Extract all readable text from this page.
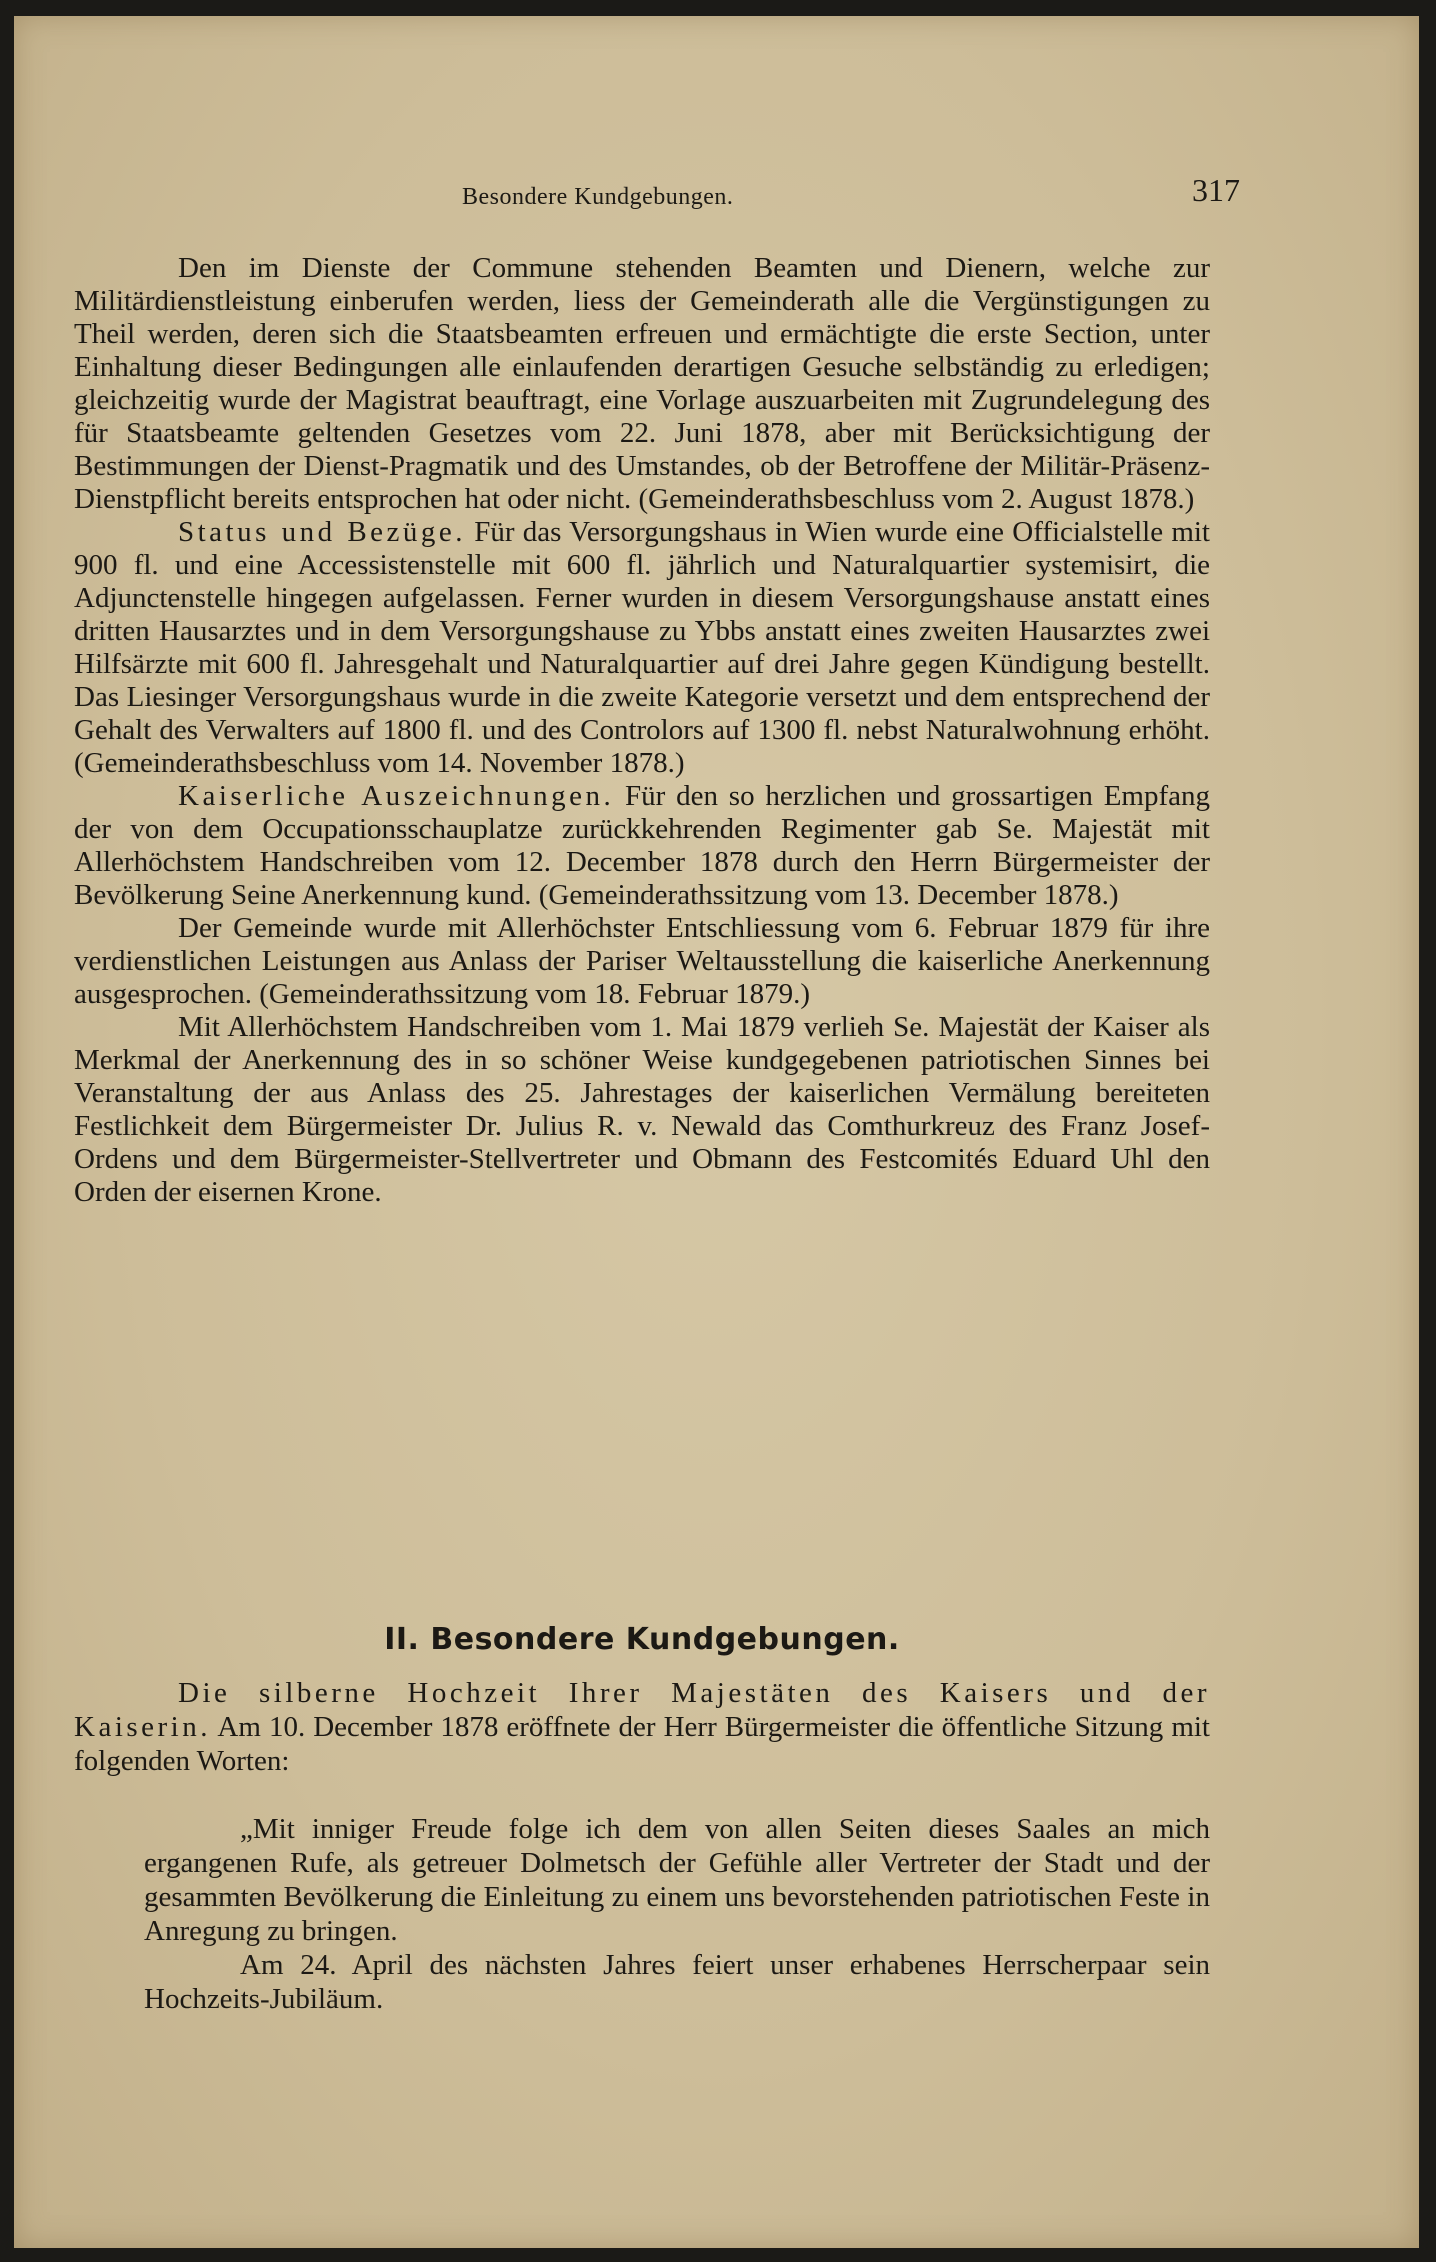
Besondere Kundgebungen.	317

Den im Dienste der Commune stehenden Beamten und Dienern, welche zur Militärdienstleistung einberufen werden, liess der Gemeinderath alle die Vergünstigungen zu Theil werden, deren sich die Staatsbeamten erfreuen und ermächtigte die erste Section, unter Einhaltung dieser Bedingungen alle einlaufenden derartigen Gesuche selbständig zu erledigen; gleichzeitig wurde der Magistrat beauftragt, eine Vorlage auszuarbeiten mit Zugrundelegung des für Staatsbeamte geltenden Gesetzes vom 22. Juni 1878, aber mit Berücksichtigung der Bestimmungen der Dienst-Pragmatik und des Umstandes, ob der Betroffene der Militär-Präsenz-Dienstpflicht bereits entsprochen hat oder nicht. (Gemeinderathsbeschluss vom 2. August 1878.)

Status und Bezüge. Für das Versorgungshaus in Wien wurde eine Officialstelle mit 900 fl. und eine Accessistenstelle mit 600 fl. jährlich und Naturalquartier systemisirt, die Adjunctenstelle hingegen aufgelassen. Ferner wurden in diesem Versorgungshause anstatt eines dritten Hausarztes und in dem Versorgungshause zu Ybbs anstatt eines zweiten Hausarztes zwei Hilfsärzte mit 600 fl. Jahresgehalt und Naturalquartier auf drei Jahre gegen Kündigung bestellt. Das Liesinger Versorgungshaus wurde in die zweite Kategorie versetzt und dem entsprechend der Gehalt des Verwalters auf 1800 fl. und des Controlors auf 1300 fl. nebst Naturalwohnung erhöht. (Gemeinderathsbeschluss vom 14. November 1878.)

Kaiserliche Auszeichnungen. Für den so herzlichen und grossartigen Empfang der von dem Occupationsschauplatze zurückkehrenden Regimenter gab Se. Majestät mit Allerhöchstem Handschreiben vom 12. December 1878 durch den Herrn Bürgermeister der Bevölkerung Seine Anerkennung kund. (Gemeinderathssitzung vom 13. December 1878.)

Der Gemeinde wurde mit Allerhöchster Entschliessung vom 6. Februar 1879 für ihre verdienstlichen Leistungen aus Anlass der Pariser Weltausstellung die kaiserliche Anerkennung ausgesprochen. (Gemeinderathssitzung vom 18. Februar 1879.)

Mit Allerhöchstem Handschreiben vom 1. Mai 1879 verlieh Se. Majestät der Kaiser als Merkmal der Anerkennung des in so schöner Weise kundgegebenen patriotischen Sinnes bei Veranstaltung der aus Anlass des 25. Jahrestages der kaiserlichen Vermälung bereiteten Festlichkeit dem Bürgermeister Dr. Julius R. v. Newald das Comthurkreuz des Franz Josef-Ordens und dem Bürgermeister-Stellvertreter und Obmann des Festcomités Eduard Uhl den Orden der eisernen Krone.

II. Besondere Kundgebungen.

Die silberne Hochzeit Ihrer Majestäten des Kaisers und der Kaiserin. Am 10. December 1878 eröffnete der Herr Bürgermeister die öffentliche Sitzung mit folgenden Worten:

„Mit inniger Freude folge ich dem von allen Seiten dieses Saales an mich ergangenen Rufe, als getreuer Dolmetsch der Gefühle aller Vertreter der Stadt und der gesammten Bevölkerung die Einleitung zu einem uns bevorstehenden patriotischen Feste in Anregung zu bringen.

Am 24. April des nächsten Jahres feiert unser erhabenes Herrscherpaar sein Hochzeits-Jubiläum.
